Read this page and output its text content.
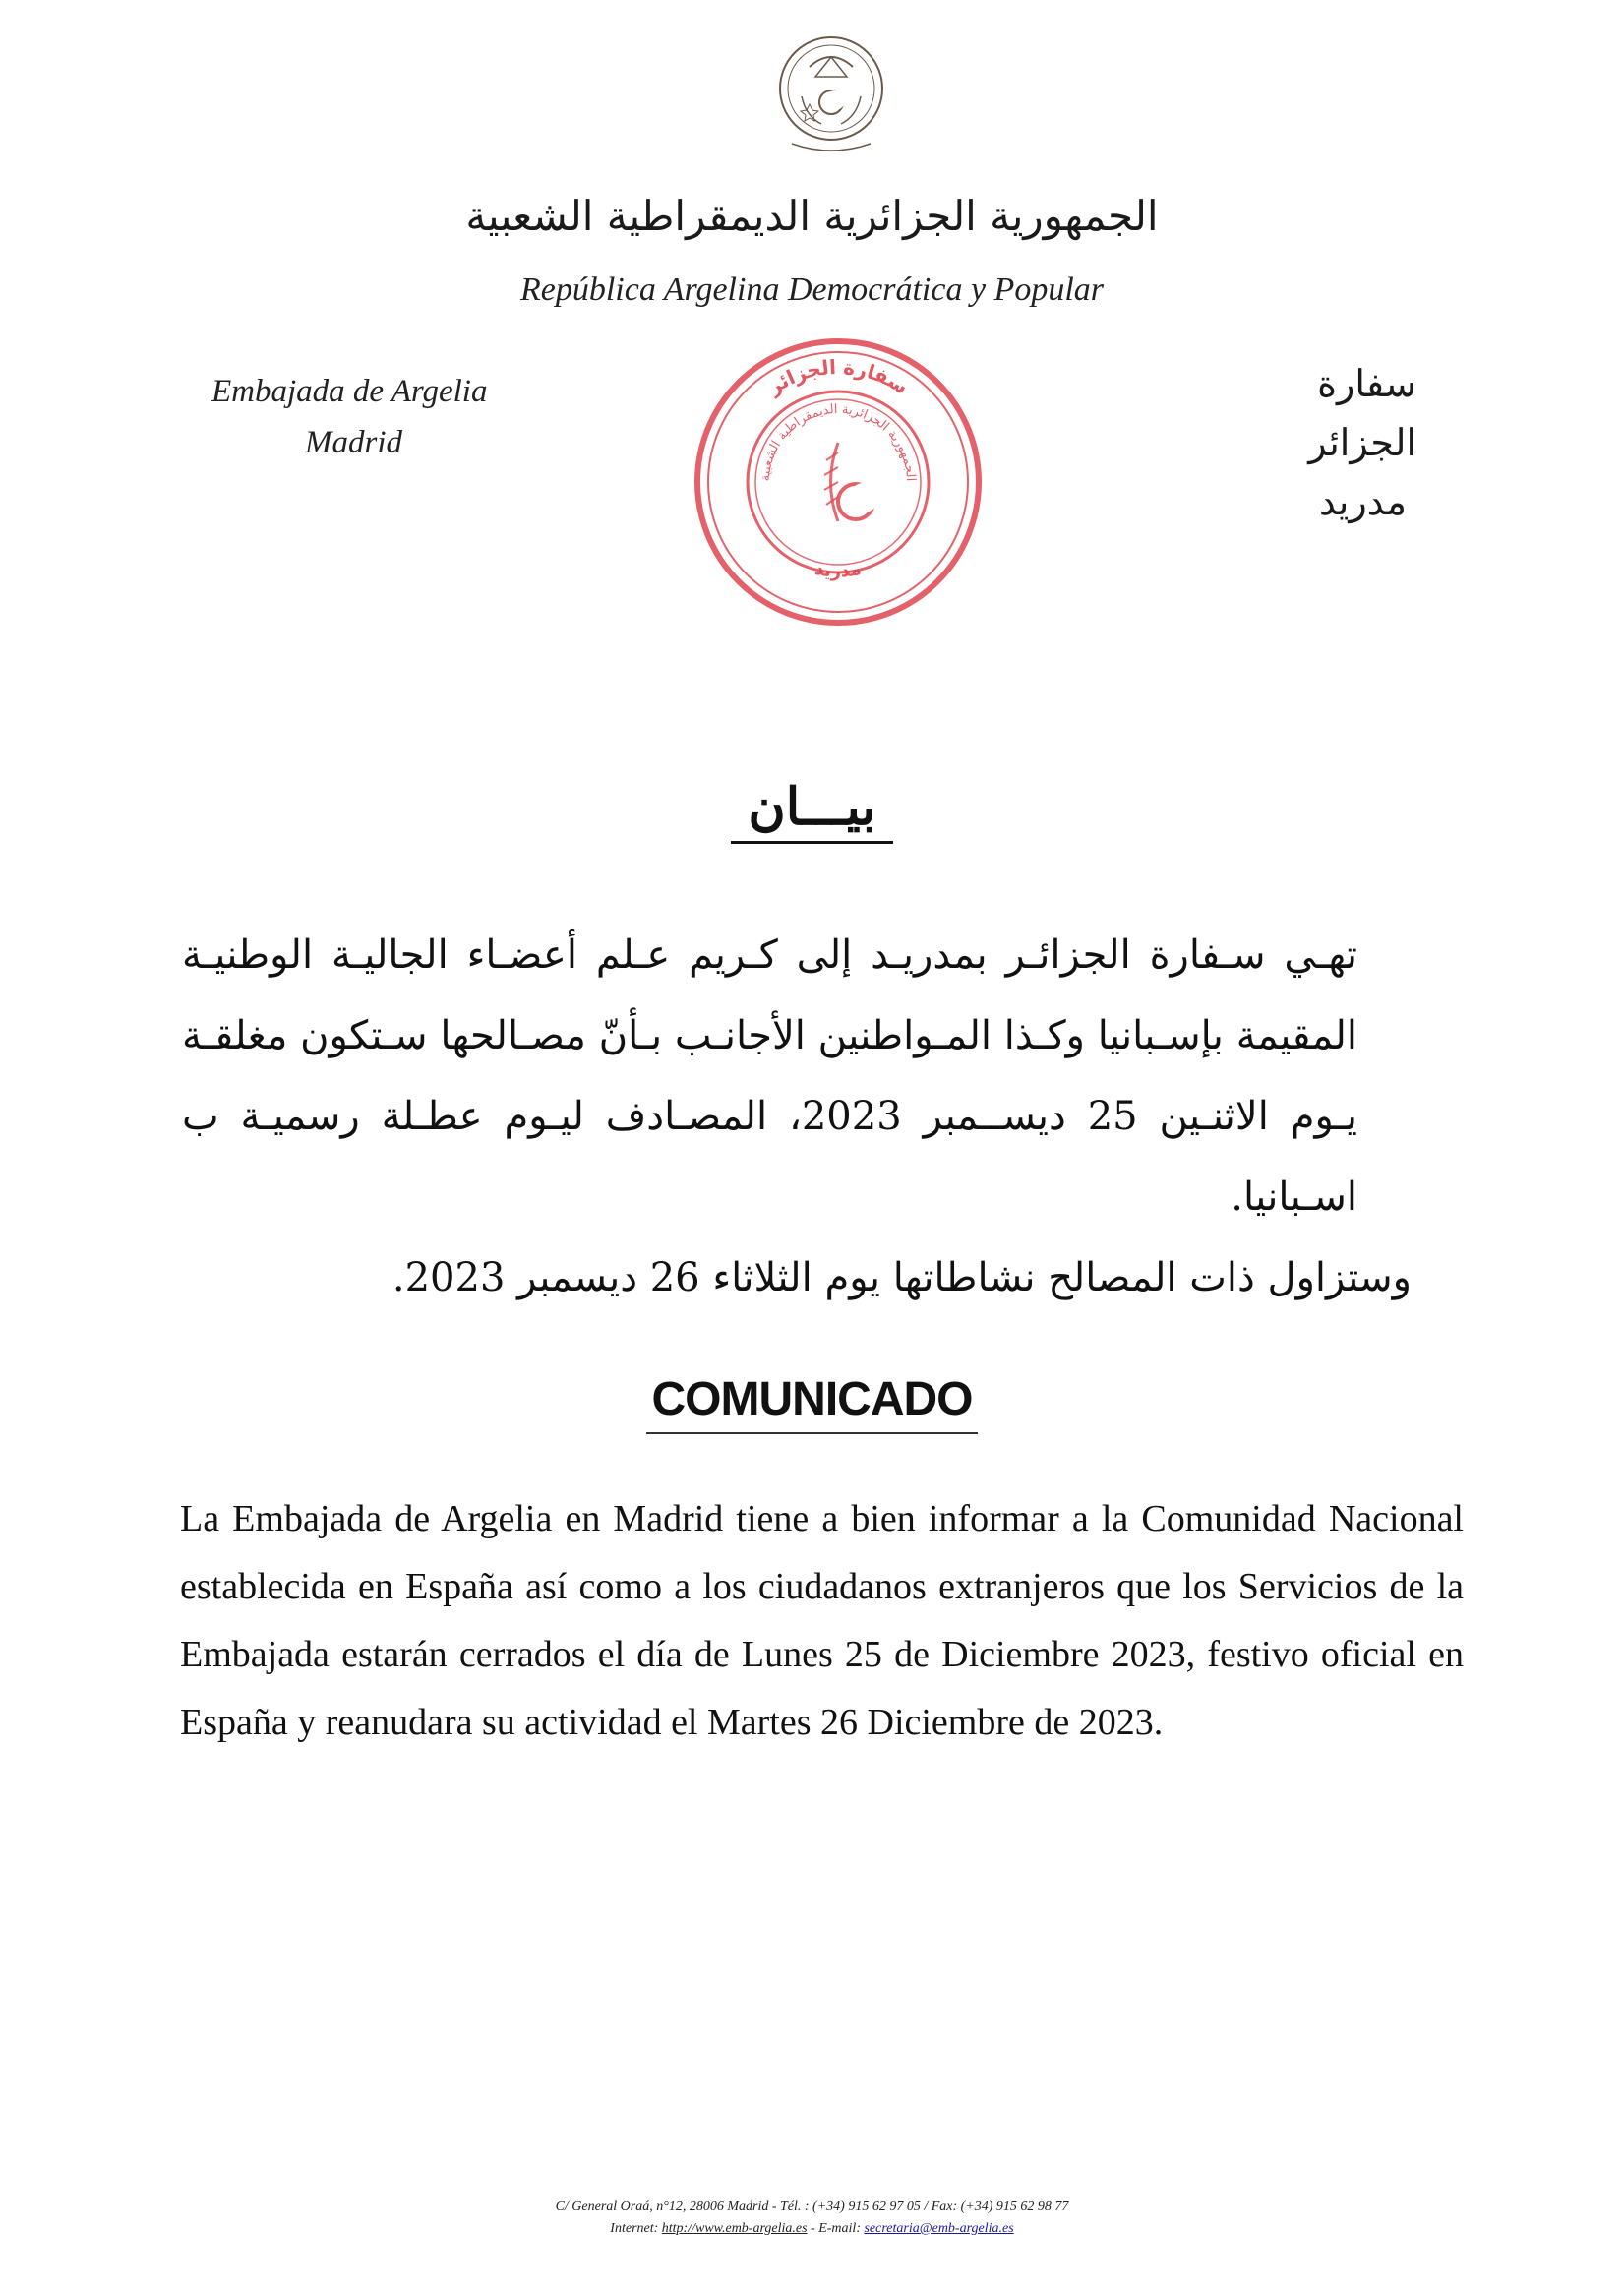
الجمهورية الجزائرية الديمقراطية الشعبية
República Argelina Democrática y Popular
Embajada de Argelia
Madrid
سفارة الجزائر

مدريد
سفارة الجزائر
مدريد
الجمهورية الجزائرية الديمقراطية الشعبية
بيـــان

تهـي سـفارة الجزائـر بمدريـد إلى كـريم عـلم أعضـاء الجاليـة الوطنيـة المقيمة بإسـبانيا وكـذا المـواطنين الأجانـب بـأنّ مصـالحها سـتكون مغلقـة يـوم الاثنـين 25 ديســمبر 2023، المصـادف ليـوم عطـلة رسميـة ب اسـبانيا.

وستزاول ذات المصالح نشاطاتها يوم الثلاثاء 26 ديسمبر 2023.

COMUNICADO

La Embajada de Argelia en Madrid tiene a bien informar a la Comunidad Nacional establecida en España así como a los ciudadanos extranjeros que los Servicios de la Embajada estarán cerrados el día de Lunes 25 de Diciembre 2023, festivo oficial en España y reanudara su actividad el Martes 26 Diciembre de 2023.

C/ General Oraá, n°12, 28006 Madrid - Tél. : (+34) 915 62 97 05 / Fax: (+34) 915 62 98 77
Internet: http://www.emb-argelia.es - E-mail: secretaria@emb-argelia.es
